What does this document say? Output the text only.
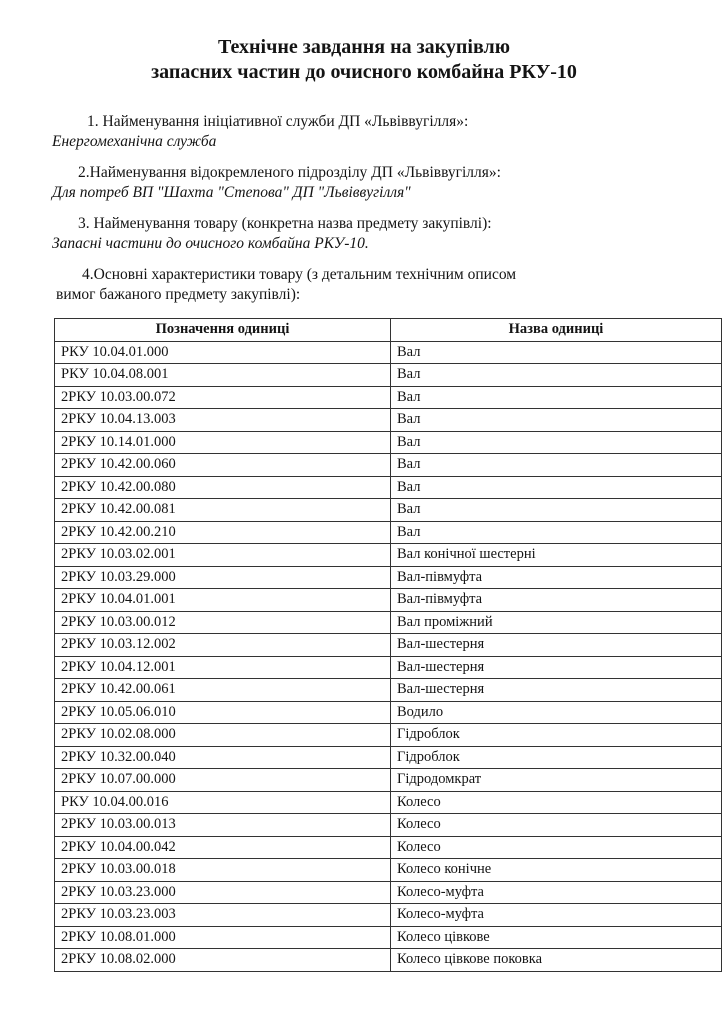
Технічне завдання на закупівлю
запасних частин до очисного комбайна РКУ-10
1. Найменування ініціативної служби ДП «Львіввугілля»:
Енергомеханічна служба
2.Найменування відокремленого підрозділу ДП «Львіввугілля»:
Для потреб ВП "Шахта "Степова" ДП "Львіввугілля"
3. Найменування товару (конкретна назва предмету закупівлі):
Запасні частини до очисного комбайна РКУ-10.
4.Основні характеристики товару (з детальним технічним описом
вимог бажаного предмету закупівлі):
Позначення одиниці	Назва одиниці
РКУ 10.04.01.000	Вал
РКУ 10.04.08.001	Вал
2РКУ 10.03.00.072	Вал
2РКУ 10.04.13.003	Вал
2РКУ 10.14.01.000	Вал
2РКУ 10.42.00.060	Вал
2РКУ 10.42.00.080	Вал
2РКУ 10.42.00.081	Вал
2РКУ 10.42.00.210	Вал
2РКУ 10.03.02.001	Вал конічної шестерні
2РКУ 10.03.29.000	Вал-півмуфта
2РКУ 10.04.01.001	Вал-півмуфта
2РКУ 10.03.00.012	Вал проміжний
2РКУ 10.03.12.002	Вал-шестерня
2РКУ 10.04.12.001	Вал-шестерня
2РКУ 10.42.00.061	Вал-шестерня
2РКУ 10.05.06.010	Водило
2РКУ 10.02.08.000	Гідроблок
2РКУ 10.32.00.040	Гідроблок
2РКУ 10.07.00.000	Гідродомкрат
РКУ 10.04.00.016	Колесо
2РКУ 10.03.00.013	Колесо
2РКУ 10.04.00.042	Колесо
2РКУ 10.03.00.018	Колесо конічне
2РКУ 10.03.23.000	Колесо-муфта
2РКУ 10.03.23.003	Колесо-муфта
2РКУ 10.08.01.000	Колесо цівкове
2РКУ 10.08.02.000	Колесо цівкове поковка
